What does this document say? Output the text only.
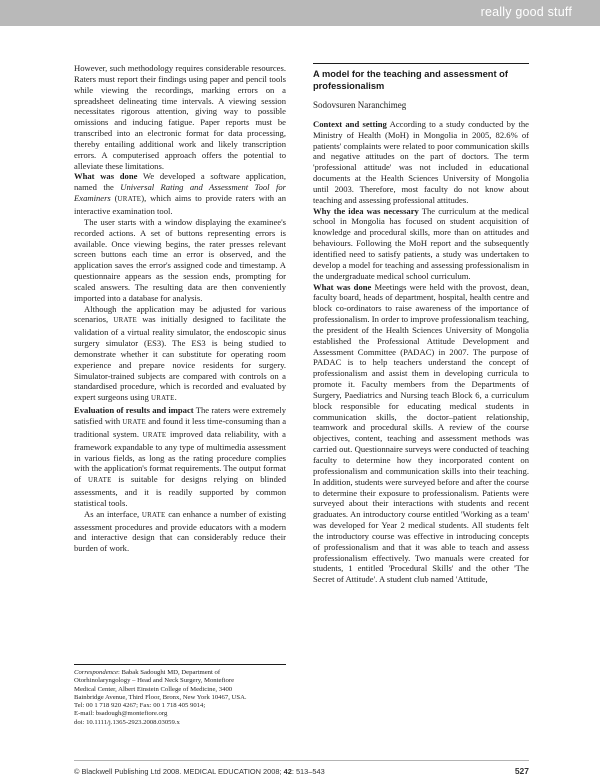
really good stuff

However, such methodology requires considerable resources. Raters must report their findings using paper and pencil tools while viewing the recordings, marking errors on a spreadsheet delineating time intervals. A viewing session necessitates rigorous attention, giving way to possible omissions and inducing fatigue. Paper reports must be transcribed into an electronic format for data processing, thereby entailing additional work and likely transcription errors. A computerised approach offers the potential to alleviate these limitations.

What was done We developed a software application, named the Universal Rating and Assessment Tool for Examiners (URATE), which aims to provide raters with an interactive examination tool.

The user starts with a window displaying the examinee's recorded actions. A set of buttons representing errors is available. Once viewing begins, the rater presses relevant screen buttons each time an error is observed, and the application saves the error's assigned code and timestamp. A questionnaire appears as the session ends, prompting for scaled answers. The resulting data are then conveniently imported into a database for analysis.

Although the application may be adjusted for various scenarios, URATE was initially designed to facilitate the validation of a virtual reality simulator, the endoscopic sinus surgery simulator (ES3). The ES3 is being studied to demonstrate whether it can substitute for operating room experience and prepare novice residents for surgery. Simulator-trained subjects are compared with controls on a standardised procedure, which is recorded and evaluated by expert surgeons using URATE.

Evaluation of results and impact The raters were extremely satisfied with URATE and found it less time-consuming than a traditional system. URATE improved data reliability, with a framework expandable to any type of multimedia assessment in various fields, as long as the rating procedure complies with the application's format requirements. The output format of URATE is suitable for designs relying on blinded assessments, and it is readily supported by common statistical tools.

As an interface, URATE can enhance a number of existing assessment procedures and provide educators with a modern and interactive design that can considerably reduce their burden of work.

Correspondence: Babak Sadoughi MD, Department of
Otorhinolaryngology – Head and Neck Surgery, Montefiore
Medical Center, Albert Einstein College of Medicine, 3400
Bainbridge Avenue, Third Floor, Bronx, New York 10467, USA.
Tel: 00 1 718 920 4267; Fax: 00 1 718 405 9014;
E-mail: bsadough@montefiore.org
doi: 10.1111/j.1365-2923.2008.03059.x
A model for the teaching and assessment of professionalism
Sodovsuren Naranchimeg

Context and setting According to a study conducted by the Ministry of Health (MoH) in Mongolia in 2005, 82.6% of patients' complaints were related to poor communication skills and negative attitudes on the part of doctors. The term 'professional attitude' was not included in educational documents at the Health Sciences University of Mongolia until 2003. Therefore, most faculty do not know about teaching and assessing professional attitudes.

Why the idea was necessary The curriculum at the medical school in Mongolia has focused on student acquisition of knowledge and procedural skills, more than on attitudes and behaviours. Following the MoH report and the subsequently identified need to satisfy patients, a study was undertaken to develop a model for teaching and assessing professionalism in the undergraduate medical school curriculum.

What was done Meetings were held with the provost, dean, faculty board, heads of department, hospital, health centre and block co-ordinators to raise awareness of the importance of professionalism. In order to improve professionalism teaching, the president of the Health Sciences University of Mongolia established the Professional Attitude Development and Assessment Committee (PADAC) in 2007. The purpose of PADAC is to help teachers understand the concept of professionalism and assist them in developing curricula to promote it. Faculty members from the Departments of Surgery, Paediatrics and Nursing teach Block 6, a curriculum block responsible for educating medical students in communication skills, the doctor–patient relationship, teamwork and procedural skills. A review of the course objectives, content, teaching and assessment methods was carried out. Questionnaire surveys were conducted of teaching faculty to determine how they incorporated content on professionalism and communication skills into their teaching. In addition, students were surveyed before and after the course to determine their exposure to professionalism. Patients were surveyed about their interactions with students and recent graduates. An introductory course entitled 'Working as a team' was developed for Year 2 medical students. All students felt the introductory course was effective in introducing concepts of professionalism and that it was able to teach and assess professionalism effectively. Two manuals were created for students, 1 entitled 'Procedural Skills' and the other 'The Secret of Attitude'. A student club named 'Attitude,

© Blackwell Publishing Ltd 2008. MEDICAL EDUCATION 2008; 42: 513–543	527
